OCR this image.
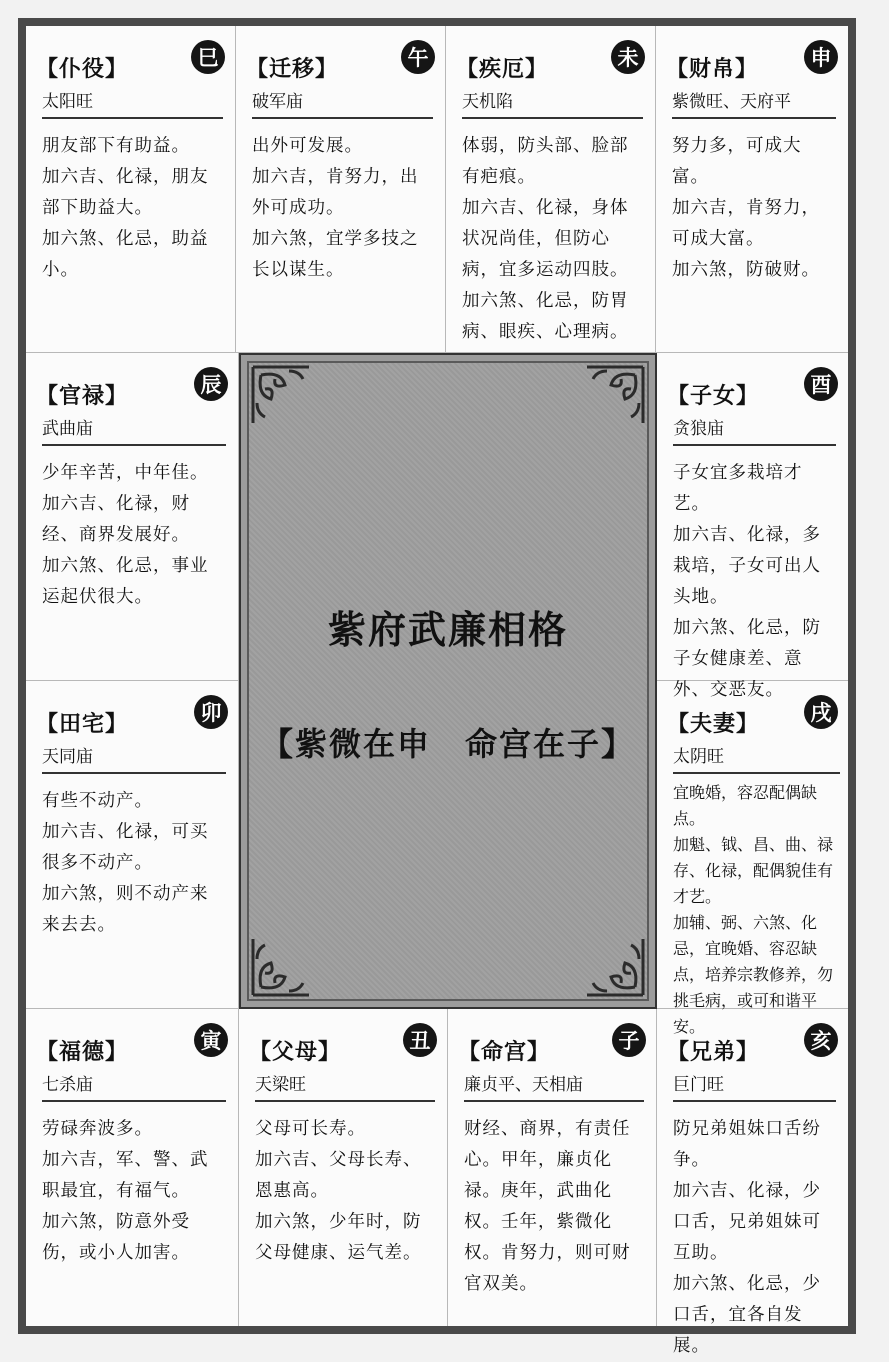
【仆役】	巳
太阳旺
朋友部下有助益。
加六吉、化禄，朋友部下助益大。
加六煞、化忌，助益小。
【迁移】	午
破军庙
出外可发展。
加六吉，肯努力，出外可成功。
加六煞，宜学多技之长以谋生。
【疾厄】	未
天机陷
体弱，防头部、脸部有疤痕。
加六吉、化禄，身体状况尚佳，但防心病，宜多运动四肢。
加六煞、化忌，防胃病、眼疾、心理病。
【财帛】	申
紫微旺、天府平
努力多，可成大富。
加六吉，肯努力，可成大富。
加六煞，防破财。
【官禄】	辰
武曲庙
少年辛苦，中年佳。
加六吉、化禄，财经、商界发展好。
加六煞、化忌，事业运起伏很大。
【子女】	酉
贪狼庙
子女宜多栽培才艺。
加六吉、化禄，多栽培，子女可出人头地。
加六煞、化忌，防子女健康差、意外、交恶友。
【田宅】	卯
天同庙
有些不动产。
加六吉、化禄，可买很多不动产。
加六煞，则不动产来来去去。
【夫妻】	戌
太阴旺
宜晚婚，容忍配偶缺点。
加魁、钺、昌、曲、禄存、化禄，配偶貌佳有才艺。
加辅、弼、六煞、化忌，宜晚婚、容忍缺点，培养宗教修养，勿挑毛病，或可和谐平安。
紫府武廉相格
【紫微在申　命宫在子】
【福德】	寅
七杀庙
劳碌奔波多。
加六吉，军、警、武职最宜，有福气。
加六煞，防意外受伤，或小人加害。
【父母】	丑
天梁旺
父母可长寿。
加六吉、父母长寿、恩惠高。
加六煞，少年时，防父母健康、运气差。
【命宫】	子
廉贞平、天相庙
财经、商界，有责任心。甲年，廉贞化禄。庚年，武曲化权。壬年，紫微化权。肯努力，则可财官双美。
【兄弟】	亥
巨门旺
防兄弟姐妹口舌纷争。
加六吉、化禄，少口舌，兄弟姐妹可互助。
加六煞、化忌，少口舌，宜各自发展。
